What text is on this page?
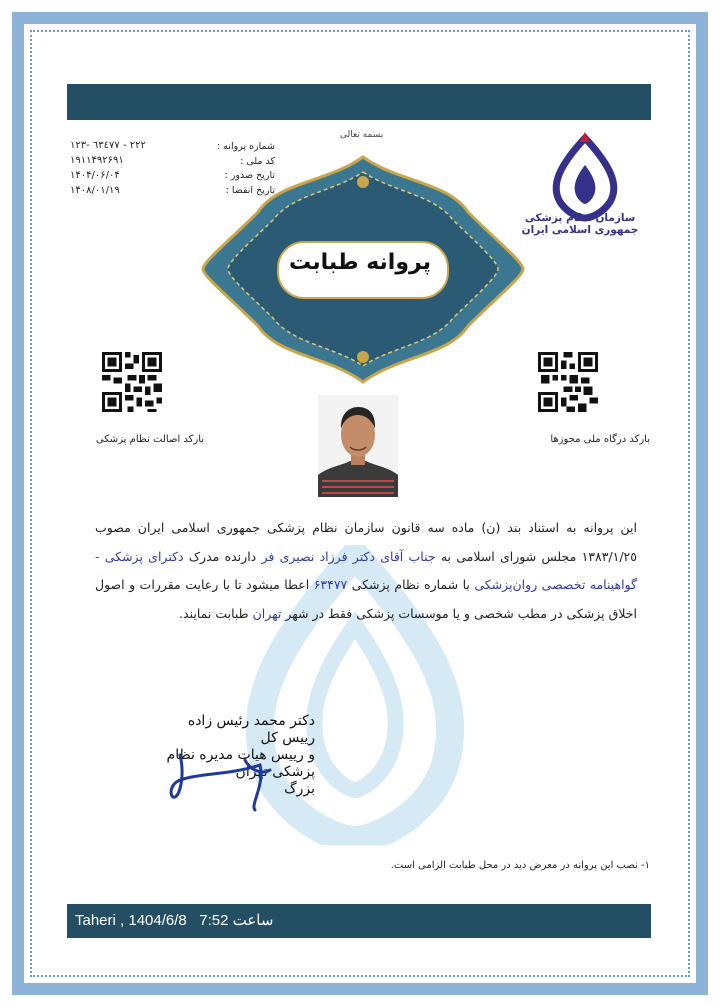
بسمه تعالی
شماره پروانه :
کد ملی :
تاریخ صدور :
تاریخ انقضا :
٢٢٢ - ٦٣٤٧٧ -١٢٣
١٩١١۴٩٢۶٩١
١۴٠۴/٠۶/٠۴
١۴٠٨/٠١/١٩
سازمان نظام پزشکی جمهوری اسلامی ایران
پروانه طبابت
بارکد اصالت نظام پزشکی	بارکد درگاه ملی مجوزها
این پروانه به استناد بند (ن) ماده سه قانون سازمان نظام پزشکی جمهوری اسلامی ایران مصوب ١٣٨٣/١/٢٥ مجلس شورای اسلامی به جناب آقای دکتر فرزاد نصیری فر دارنده مدرک دکترای پزشکی - گواهینامه تخصصی روان‌پزشکی با شماره نظام پزشکی ۶٣۴٧٧ اعطا میشود تا با رعایت مقررات و اصول اخلاق پزشکی در مطب شخصی و یا موسسات پزشکی فقط در شهر تهران طبابت نمایند.
دکتر محمد رئیس زاده
رییس کل
و رییس هیات مدیره نظام پزشکی تهران
بزرگ
١- نصب این پروانه در معرض دید در محل طبابت الزامی است.
Taheri , 1404/6/8   7:52 ساعت
